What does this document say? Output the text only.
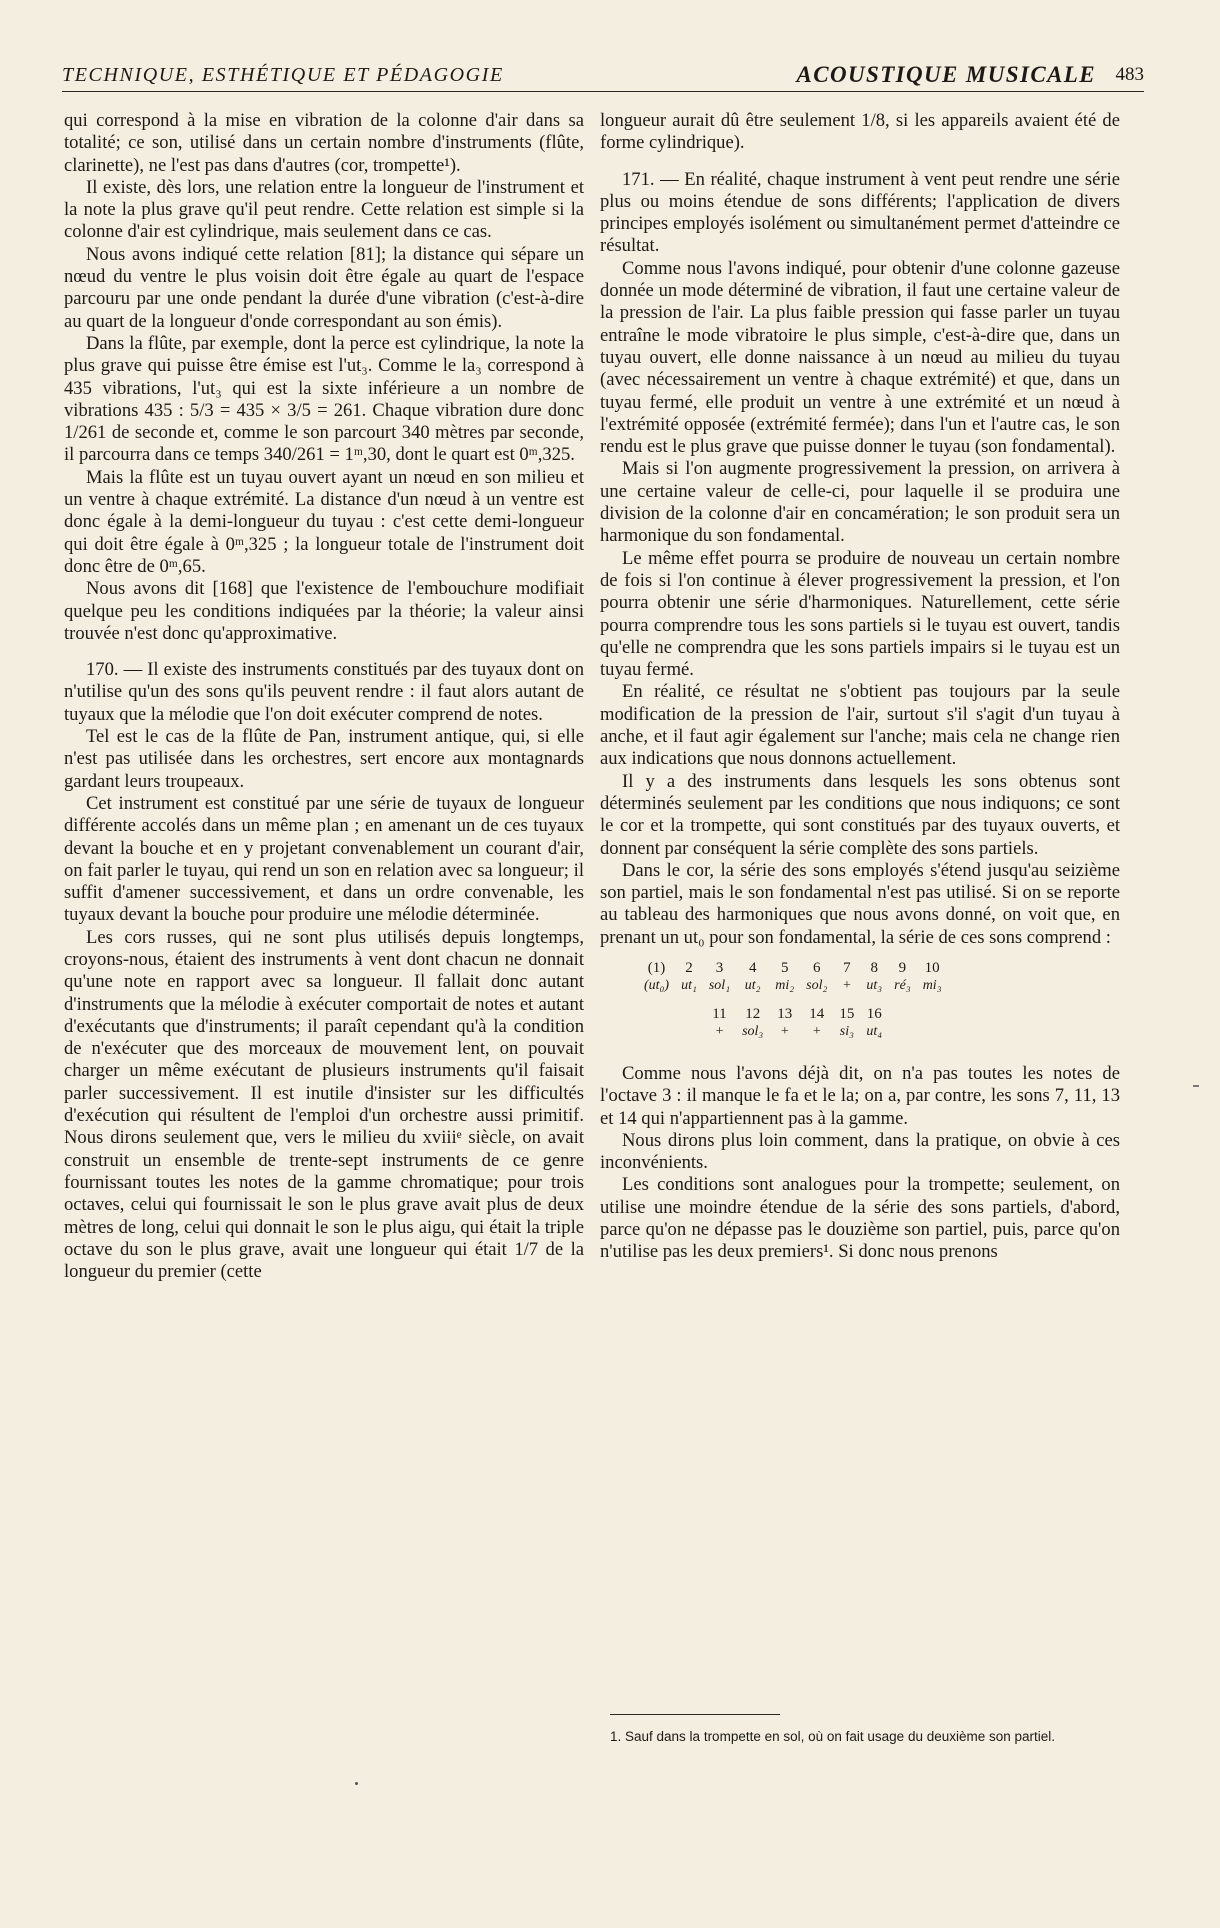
TECHNIQUE, ESTHÉTIQUE ET PÉDAGOGIE	ACOUSTIQUE MUSICALE 483

qui correspond à la mise en vibration de la colonne d'air dans sa totalité; ce son, utilisé dans un certain nombre d'instruments (flûte, clarinette), ne l'est pas dans d'autres (cor, trompette¹).

Il existe, dès lors, une relation entre la longueur de l'instrument et la note la plus grave qu'il peut rendre. Cette relation est simple si la colonne d'air est cylindrique, mais seulement dans ce cas.

Nous avons indiqué cette relation [81]; la distance qui sépare un nœud du ventre le plus voisin doit être égale au quart de l'espace parcouru par une onde pendant la durée d'une vibration (c'est-à-dire au quart de la longueur d'onde correspondant au son émis).

Dans la flûte, par exemple, dont la perce est cylindrique, la note la plus grave qui puisse être émise est l'ut₃. Comme le la₃ correspond à 435 vibrations, l'ut₃ qui est la sixte inférieure a un nombre de vibrations 435 : 5/3 = 435 × 3/5 = 261. Chaque vibration dure donc 1/261 de seconde et, comme le son parcourt 340 mètres par seconde, il parcourra dans ce temps 340/261 = 1ᵐ,30, dont le quart est 0ᵐ,325.

Mais la flûte est un tuyau ouvert ayant un nœud en son milieu et un ventre à chaque extrémité. La distance d'un nœud à un ventre est donc égale à la demi-longueur du tuyau : c'est cette demi-longueur qui doit être égale à 0ᵐ,325 ; la longueur totale de l'instrument doit donc être de 0ᵐ,65.

Nous avons dit [168] que l'existence de l'embouchure modifiait quelque peu les conditions indiquées par la théorie; la valeur ainsi trouvée n'est donc qu'approximative.

170. — Il existe des instruments constitués par des tuyaux dont on n'utilise qu'un des sons qu'ils peuvent rendre : il faut alors autant de tuyaux que la mélodie que l'on doit exécuter comprend de notes.

Tel est le cas de la flûte de Pan, instrument antique, qui, si elle n'est pas utilisée dans les orchestres, sert encore aux montagnards gardant leurs troupeaux.

Cet instrument est constitué par une série de tuyaux de longueur différente accolés dans un même plan ; en amenant un de ces tuyaux devant la bouche et en y projetant convenablement un courant d'air, on fait parler le tuyau, qui rend un son en relation avec sa longueur; il suffit d'amener successivement, et dans un ordre convenable, les tuyaux devant la bouche pour produire une mélodie déterminée.

Les cors russes, qui ne sont plus utilisés depuis longtemps, croyons-nous, étaient des instruments à vent dont chacun ne donnait qu'une note en rapport avec sa longueur. Il fallait donc autant d'instruments que la mélodie à exécuter comportait de notes et autant d'exécutants que d'instruments; il paraît cependant qu'à la condition de n'exécuter que des morceaux de mouvement lent, on pouvait charger un même exécutant de plusieurs instruments qu'il faisait parler successivement. Il est inutile d'insister sur les difficultés d'exécution qui résultent de l'emploi d'un orchestre aussi primitif. Nous dirons seulement que, vers le milieu du xviiiᵉ siècle, on avait construit un ensemble de trente-sept instruments de ce genre fournissant toutes les notes de la gamme chromatique; pour trois octaves, celui qui fournissait le son le plus grave avait plus de deux mètres de long, celui qui donnait le son le plus aigu, qui était la triple octave du son le plus grave, avait une longueur qui était 1/7 de la longueur du premier (cette

longueur aurait dû être seulement 1/8, si les appareils avaient été de forme cylindrique).

171. — En réalité, chaque instrument à vent peut rendre une série plus ou moins étendue de sons différents; l'application de divers principes employés isolément ou simultanément permet d'atteindre ce résultat.

Comme nous l'avons indiqué, pour obtenir d'une colonne gazeuse donnée un mode déterminé de vibration, il faut une certaine valeur de la pression de l'air. La plus faible pression qui fasse parler un tuyau entraîne le mode vibratoire le plus simple, c'est-à-dire que, dans un tuyau ouvert, elle donne naissance à un nœud au milieu du tuyau (avec nécessairement un ventre à chaque extrémité) et que, dans un tuyau fermé, elle produit un ventre à une extrémité et un nœud à l'extrémité opposée (extrémité fermée); dans l'un et l'autre cas, le son rendu est le plus grave que puisse donner le tuyau (son fondamental).

Mais si l'on augmente progressivement la pression, on arrivera à une certaine valeur de celle-ci, pour laquelle il se produira une division de la colonne d'air en concamération; le son produit sera un harmonique du son fondamental.

Le même effet pourra se produire de nouveau un certain nombre de fois si l'on continue à élever progressivement la pression, et l'on pourra obtenir une série d'harmoniques. Naturellement, cette série pourra comprendre tous les sons partiels si le tuyau est ouvert, tandis qu'elle ne comprendra que les sons partiels impairs si le tuyau est un tuyau fermé.

En réalité, ce résultat ne s'obtient pas toujours par la seule modification de la pression de l'air, surtout s'il s'agit d'un tuyau à anche, et il faut agir également sur l'anche; mais cela ne change rien aux indications que nous donnons actuellement.

Il y a des instruments dans lesquels les sons obtenus sont déterminés seulement par les conditions que nous indiquons; ce sont le cor et la trompette, qui sont constitués par des tuyaux ouverts, et donnent par conséquent la série complète des sons partiels.

Dans le cor, la série des sons employés s'étend jusqu'au seizième son partiel, mais le son fondamental n'est pas utilisé. Si on se reporte au tableau des harmoniques que nous avons donné, on voit que, en prenant un ut₀ pour son fondamental, la série de ces sons comprend :

(1)	2	3	4	5	6	7	8	9	10
(ut₀)	ut₁	sol₁	ut₂	mi₂	sol₂	+	ut₃	ré₃	mi₃
		11	12	13	14	15	16		
		+	sol₃	+	+	si₃	ut₄		

Comme nous l'avons déjà dit, on n'a pas toutes les notes de l'octave 3 : il manque le fa et le la; on a, par contre, les sons 7, 11, 13 et 14 qui n'appartiennent pas à la gamme.

Nous dirons plus loin comment, dans la pratique, on obvie à ces inconvénients.

Les conditions sont analogues pour la trompette; seulement, on utilise une moindre étendue de la série des sons partiels, d'abord, parce qu'on ne dépasse pas le douzième son partiel, puis, parce qu'on n'utilise pas les deux premiers¹. Si donc nous prenons

1. Sauf dans la trompette en sol, où on fait usage du deuxième son partiel.
